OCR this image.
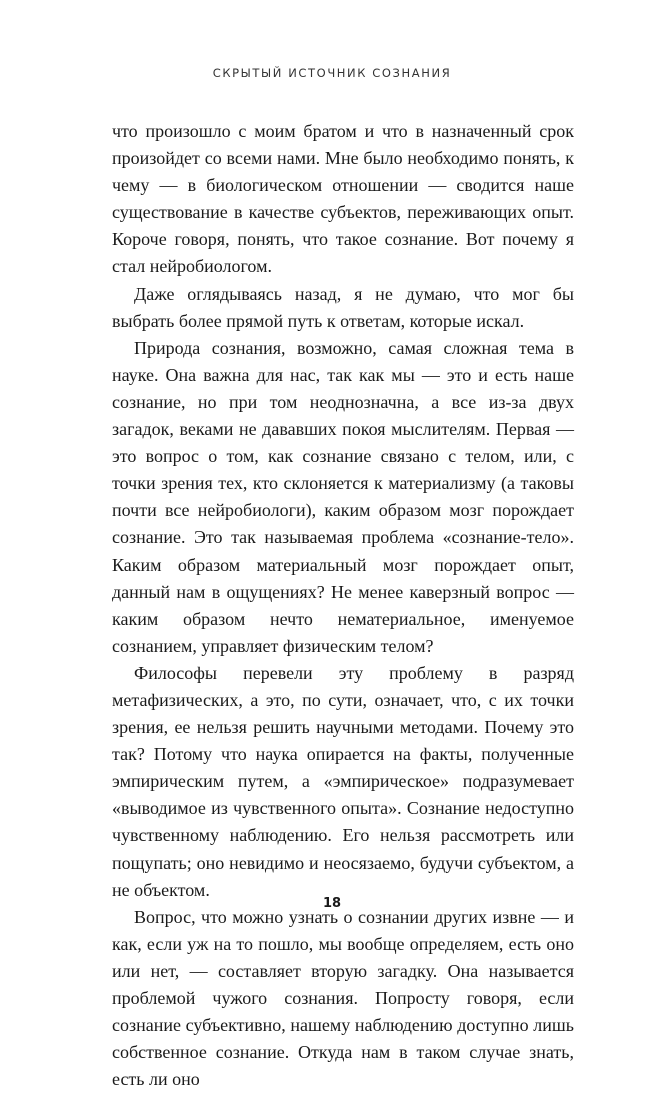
СКРЫТЫЙ ИСТОЧНИК СОЗНАНИЯ

что произошло с моим братом и что в назначенный срок произойдет со всеми нами. Мне было необходимо понять, к чему — в биологическом отношении — сводится наше существование в качестве субъектов, переживающих опыт. Короче говоря, понять, что такое сознание. Вот почему я стал нейробиологом.

Даже оглядываясь назад, я не думаю, что мог бы выбрать более прямой путь к ответам, которые искал.

Природа сознания, возможно, самая сложная тема в науке. Она важна для нас, так как мы — это и есть наше сознание, но при том неоднозначна, а все из-за двух загадок, веками не дававших покоя мыслителям. Первая — это вопрос о том, как сознание связано с телом, или, с точки зрения тех, кто склоняется к материализму (а таковы почти все нейробиологи), каким образом мозг порождает сознание. Это так называемая проблема «сознание-тело». Каким образом материальный мозг порождает опыт, данный нам в ощущениях? Не менее каверзный вопрос — каким образом нечто нематериальное, именуемое сознанием, управляет физическим телом?

Философы перевели эту проблему в разряд метафизических, а это, по сути, означает, что, с их точки зрения, ее нельзя решить научными методами. Почему это так? Потому что наука опирается на факты, полученные эмпирическим путем, а «эмпирическое» подразумевает «выводимое из чувственного опыта». Сознание недоступно чувственному наблюдению. Его нельзя рассмотреть или пощупать; оно невидимо и неосязаемо, будучи субъектом, а не объектом.

Вопрос, что можно узнать о сознании других извне — и как, если уж на то пошло, мы вообще определяем, есть оно или нет, — составляет вторую загадку. Она называется проблемой чужого сознания. Попросту говоря, если сознание субъективно, нашему наблюдению доступно лишь собственное сознание. Откуда нам в таком случае знать, есть ли оно

18
